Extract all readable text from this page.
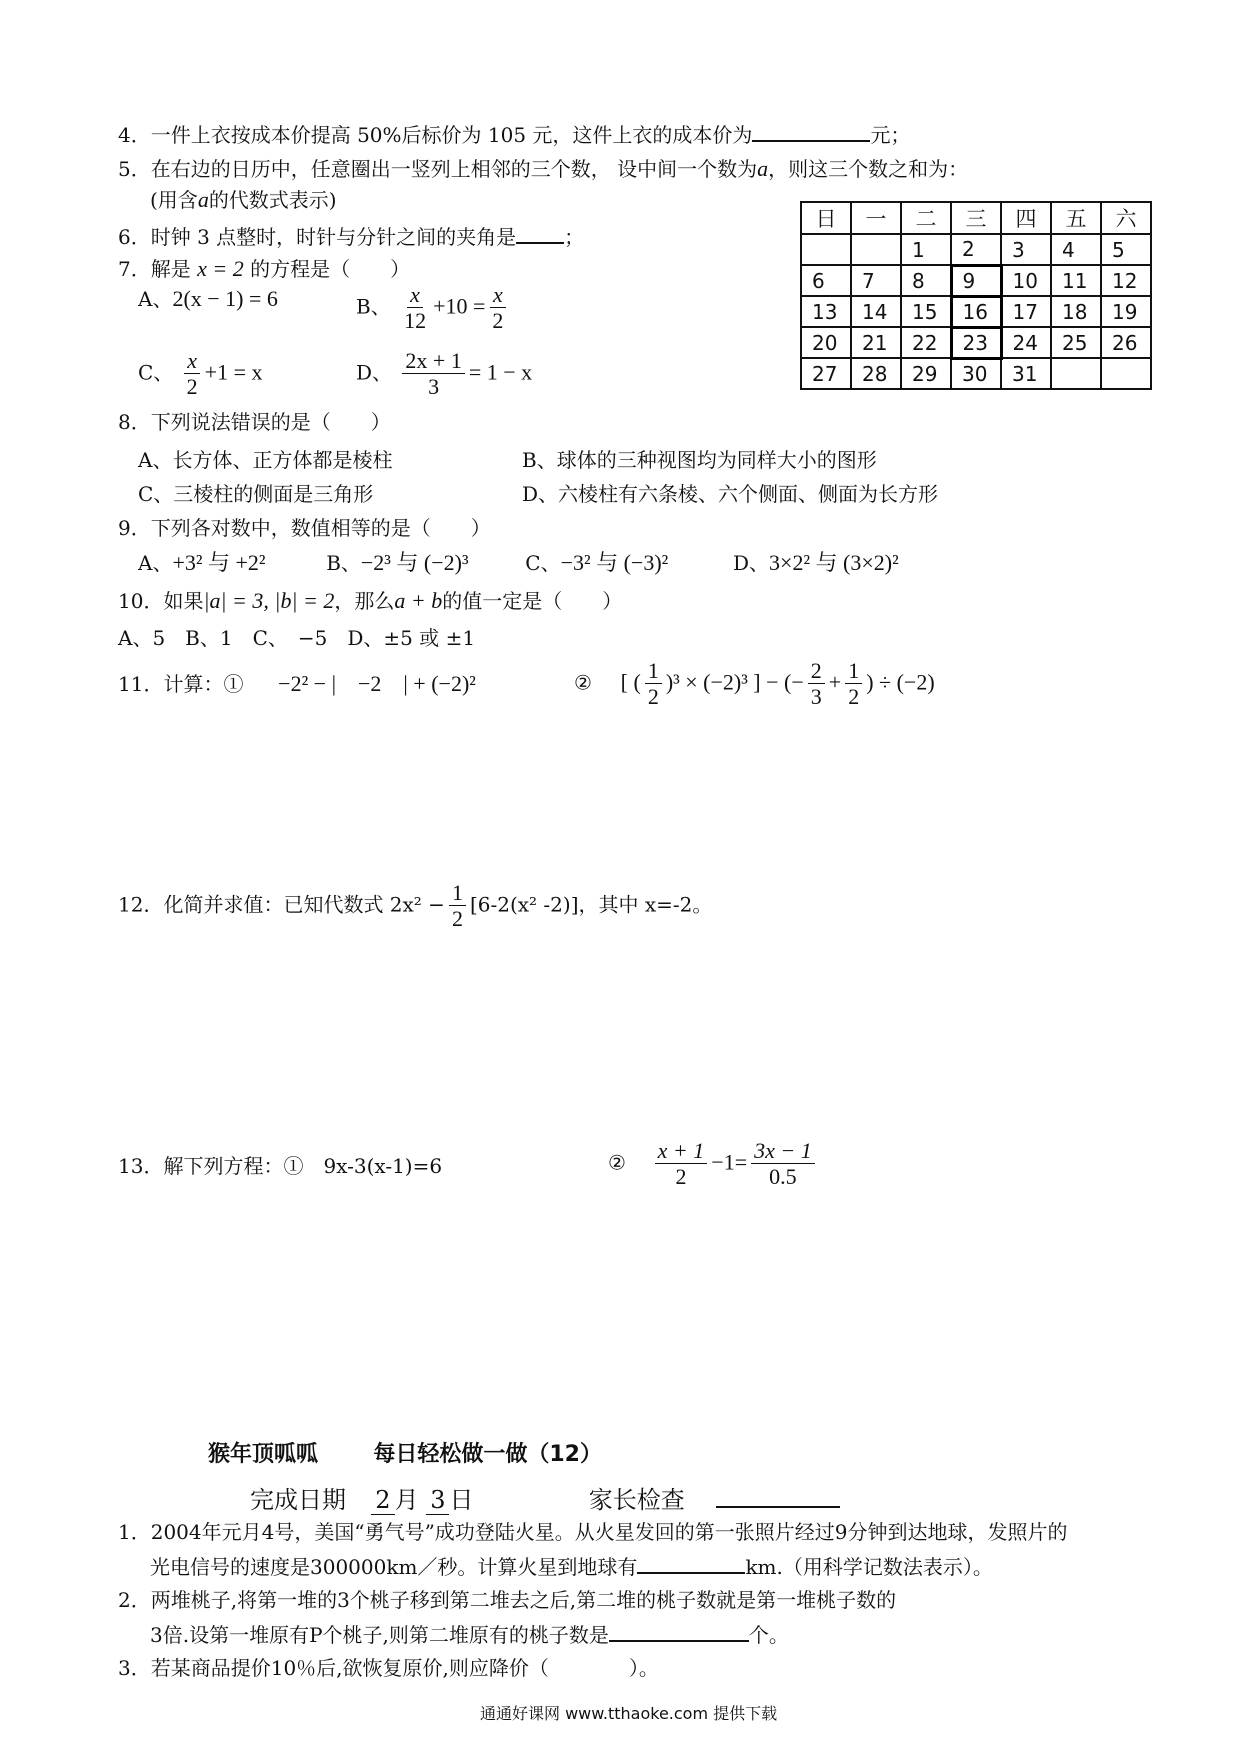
4．一件上衣按成本价提高 50%后标价为 105 元，这件上衣的成本价为	元；
5．在右边的日历中，任意圈出一竖列上相邻的三个数， 设中间一个数为a，则这三个数之和为：
(用含a的代数式表示)
日	一	二	三	四	五	六
		1	2	3	4	5
6	7	8	9	10	11	12
13	14	15	16	17	18	19
20	21	22	23	24	25	26
27	28	29	30	31		
6．时钟 3 点整时，时针与分针之间的夹角是 ；
7．解是 x = 2 的方程是（　　）
A、2(x − 1) = 6	B、 $\frac{x}{12} +10 = \frac{x}{2}$
C、 $\frac{x}{2} +1 = x$	D、 $\frac{2x + 1}{3} = 1 - x$
8．下列说法错误的是（　　）
A、长方体、正方体都是棱柱	B、球体的三种视图均为同样大小的图形
C、三棱柱的侧面是三角形	D、六棱柱有六条棱、六个侧面、侧面为长方形
9．下列各对数中，数值相等的是（　　）
A、+3² 与 +2²	B、−2³ 与 (−2)³	C、−3² 与 (−3)²	D、3×2² 与 (3×2)²
10．如果|a| = 3, |b| = 2，那么a + b的值一定是（　　）
A、5　B、1　C、　−5　D、±5 或 ±1
11．计算：① −2² − |　−2　| + (−2)²	② [ ( $\frac{1}{2} )^3 \times (-2)^3$ ] − (− $\frac{2}{3} + \frac{1}{2}$ ) ÷ (−2)
12．化简并求值：已知代数式 $2x^2 - \frac{1}{2} [6-2(x^2$ -2)]，其中 x=-2。
13．解下列方程：①　9x-3(x-1)=6	② $\frac{x + 1}{2} -1= \frac{3x - 1}{0.5}$
猴年顶呱呱	每日轻松做一做（12）
完成日期 2 月 3 日	家长检查
1．2004年元月4号，美国“勇气号”成功登陆火星。从火星发回的第一张照片经过9分钟到达地球，发照片的
光电信号的速度是300000km／秒。计算火星到地球有	km.（用科学记数法表示）。
2．两堆桃子,将第一堆的3个桃子移到第二堆去之后,第二堆的桃子数就是第一堆桃子数的
3倍.设第一堆原有P个桃子,则第二堆原有的桃子数是	个。
3．若某商品提价10％后,欲恢复原价,则应降价（　　　　）。
通通好课网 www.tthaoke.com 提供下载
